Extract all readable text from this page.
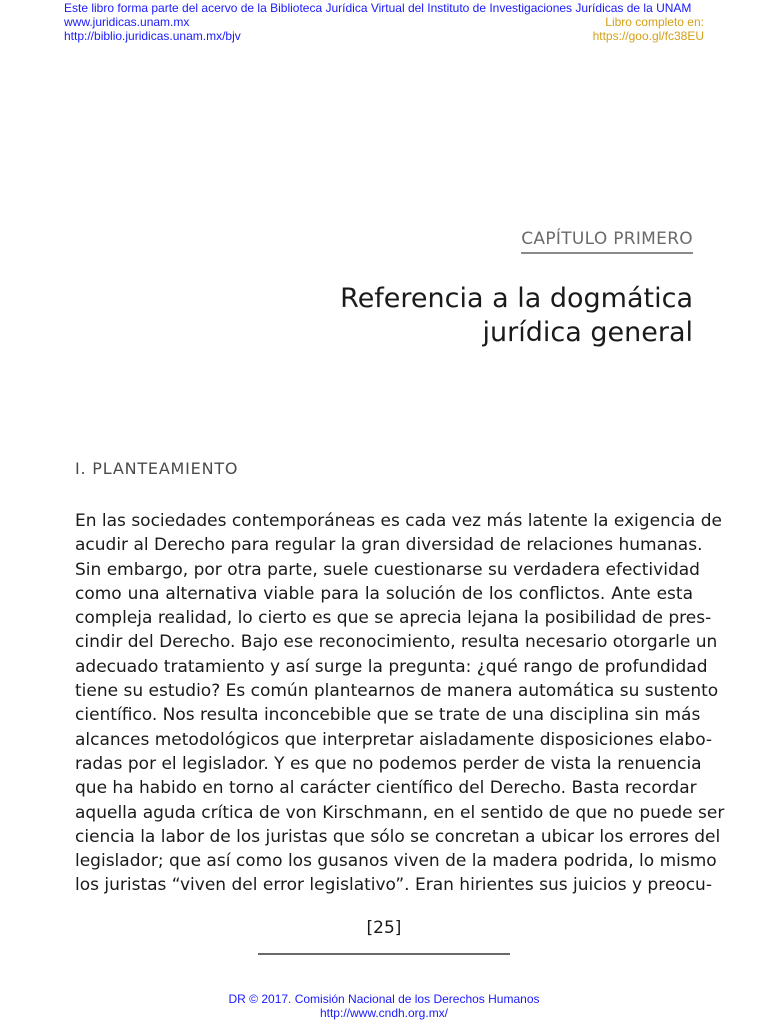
Este libro forma parte del acervo de la Biblioteca Jurídica Virtual del Instituto de Investigaciones Jurídicas de la UNAM
www.juridicas.unam.mx
http://biblio.juridicas.unam.mx/bjv
Libro completo en:
https://goo.gl/fc38EU
CAPÍTULO PRIMERO
Referencia a la dogmática
jurídica general
I. PLANTEAMIENTO
En las sociedades contemporáneas es cada vez más latente la exigencia de
acudir al Derecho para regular la gran diversidad de relaciones humanas.
Sin embargo, por otra parte, suele cuestionarse su verdadera efectividad
como una alternativa viable para la solución de los conflictos. Ante esta
compleja realidad, lo cierto es que se aprecia lejana la posibilidad de pres-
cindir del Derecho. Bajo ese reconocimiento, resulta necesario otorgarle un
adecuado tratamiento y así surge la pregunta: ¿qué rango de profundidad
tiene su estudio? Es común plantearnos de manera automática su sustento
científico. Nos resulta inconcebible que se trate de una disciplina sin más
alcances metodológicos que interpretar aisladamente disposiciones elabo-
radas por el legislador. Y es que no podemos perder de vista la renuencia
que ha habido en torno al carácter científico del Derecho. Basta recordar
aquella aguda crítica de von Kirschmann, en el sentido de que no puede ser
ciencia la labor de los juristas que sólo se concretan a ubicar los errores del
legislador; que así como los gusanos viven de la madera podrida, lo mismo
los juristas “viven del error legislativo”. Eran hirientes sus juicios y preocu-
[25]
DR © 2017. Comisión Nacional de los Derechos Humanos
http://www.cndh.org.mx/
